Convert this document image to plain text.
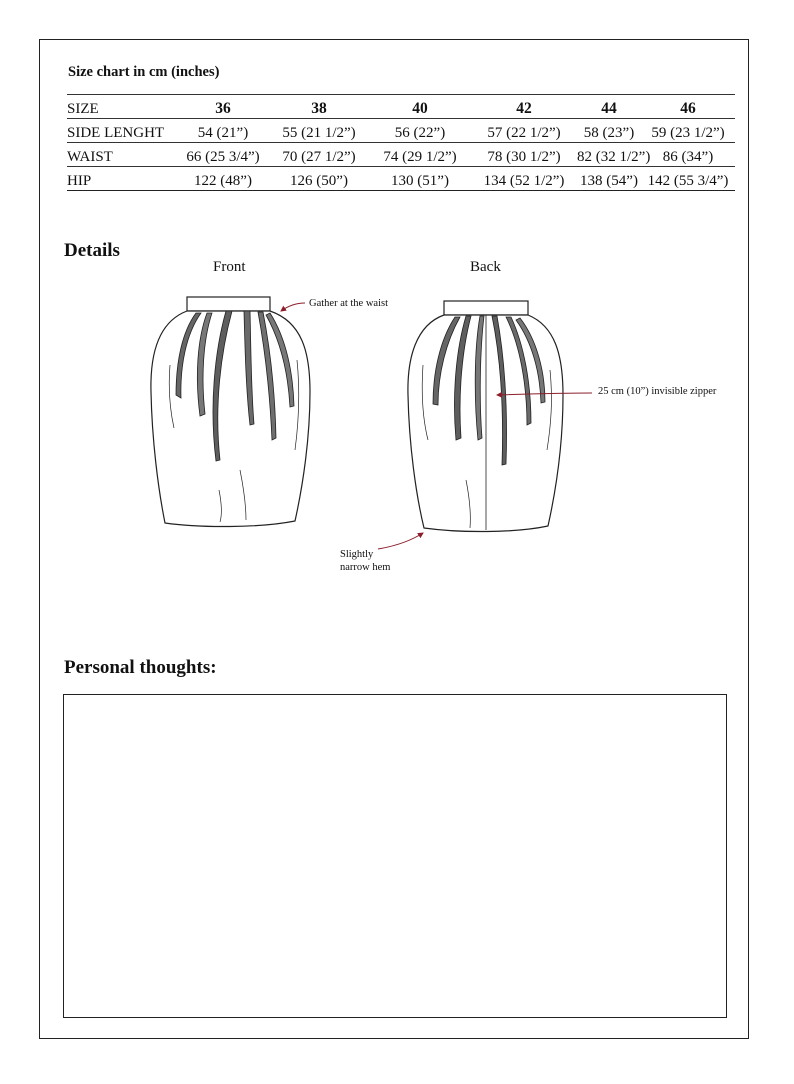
Size chart in cm (inches)
SIZE	36	38	40	42	44	46
SIDE LENGHT	54 (21”)	55 (21 1/2”)	56 (22”)	57 (22 1/2”)	58 (23”)	59 (23 1/2”)
WAIST	66 (25 3/4”)	70 (27 1/2”)	74 (29 1/2”)	78 (30 1/2”)	82 (32 1/2”)	86 (34”)
HIP	122 (48”)	126 (50”)	130 (51”)	134 (52 1/2”)	138 (54”)	142 (55 3/4”)
Details
Front	Back
Gather at the waist
25 cm (10”) invisible zipper
Slightly
narrow hem
Personal thoughts:
